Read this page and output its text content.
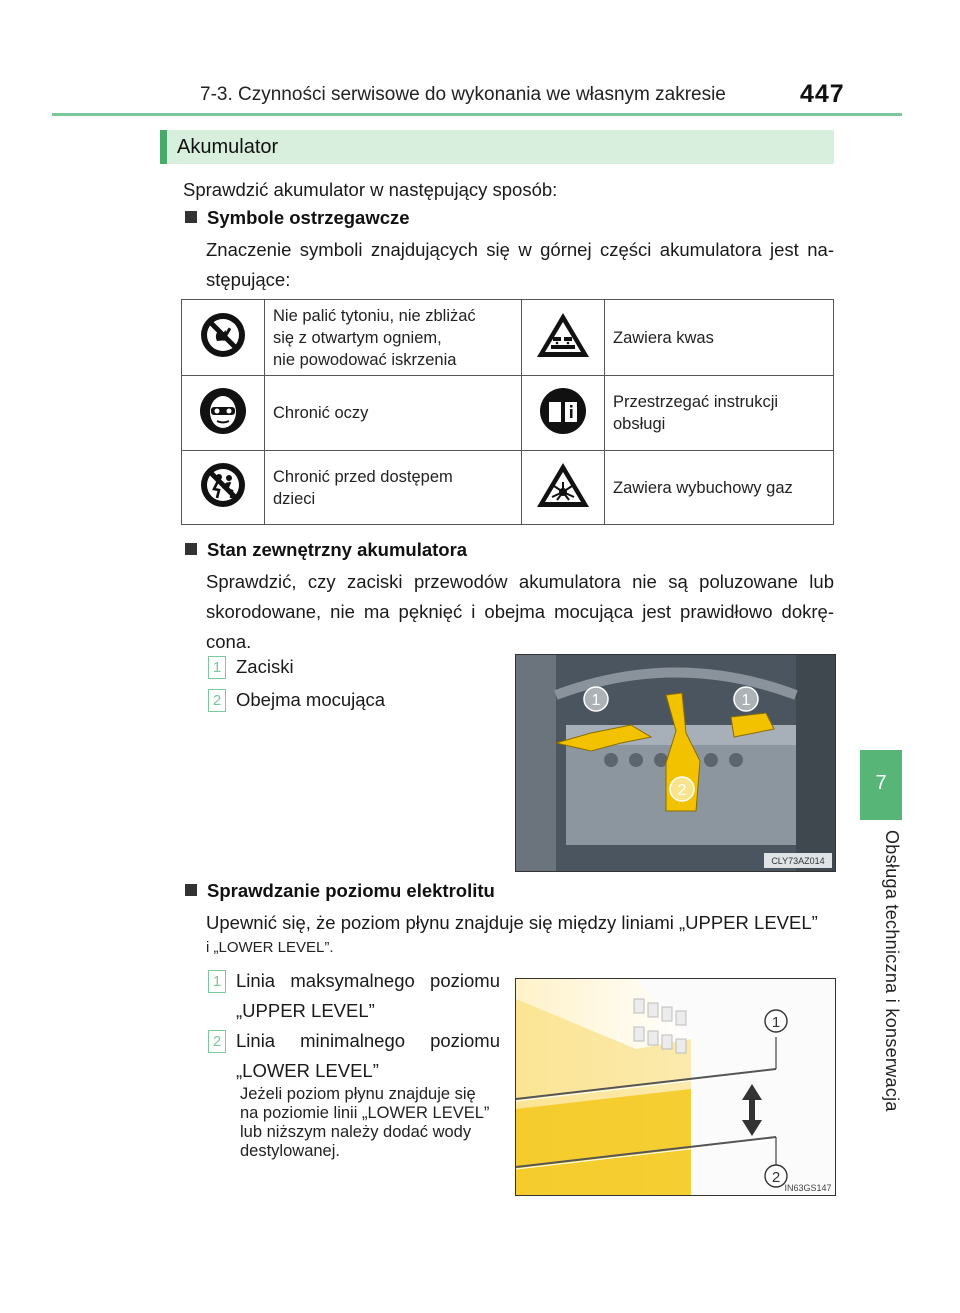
7-3. Czynności serwisowe do wykonania we własnym zakresie	447
7
Obsługa techniczna i konserwacja
Akumulator
Sprawdzić akumulator w następujący sposób:
Symbole ostrzegawcze
Znaczenie symboli znajdujących się w górnej części akumulatora jest na-stępujące:

Nie palić tytoniu, nie zbliżać
się z otwartym ogniem,
nie powodować iskrzenia		Zawiera kwas
	Chronić oczy		Przestrzegać instrukcji obsługi

Chronić przed dostępem
dzieci		Zawiera wybuchowy gaz
Stan zewnętrzny akumulatora
Sprawdzić, czy zaciski przewodów akumulatora nie są poluzowane lub skorodowane, nie ma pęknięć i obejma mocująca jest prawidłowo dokrę-cona.
1 Zaciski
2 Obejma mocująca	1	1
2
CLY73AZ014
Sprawdzanie poziomu elektrolitu
Upewnić się, że poziom płynu znajduje się między liniami „UPPER LEVEL”
i „LOWER LEVEL”.
1 Linia maksymalnego poziomu „UPPER LEVEL”
2 Linia minimalnego poziomu „LOWER LEVEL”
Jeżeli poziom płynu znajduje się na poziomie linii „LOWER LEVEL” lub niższym należy dodać wody destylowanej.
1
2
IN63GS147
